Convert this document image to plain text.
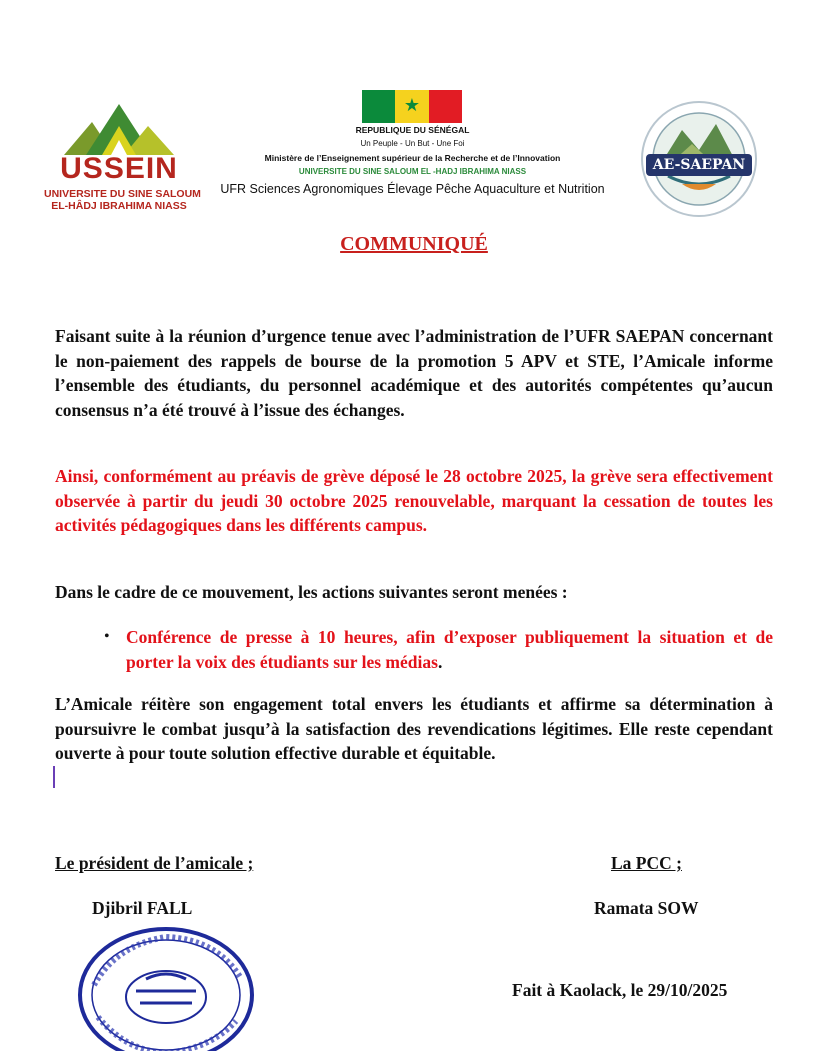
USSEIN
UNIVERSITE DU SINE SALOUM
EL-HÂDJ IBRAHIMA NIASS
★
REPUBLIQUE DU SÉNÉGAL
Un Peuple - Un But - Une Foi
Ministère de l’Enseignement supérieur de la Recherche et de l’Innovation
UNIVERSITE DU SINE SALOUM EL -HADJ IBRAHIMA NIASS
UFR Sciences Agronomiques Élevage Pêche Aquaculture et Nutrition
AE-SAEPAN
COMMUNIQUÉ

Faisant suite à la réunion d’urgence tenue avec l’administration de l’UFR SAEPAN concernant le non-paiement des rappels de bourse de la promotion 5 APV et STE, l’Amicale informe l’ensemble des étudiants, du personnel académique et des autorités compétentes qu’aucun consensus n’a été trouvé à l’issue des échanges.

Ainsi, conformément au préavis de grève déposé le 28 octobre 2025, la grève sera effectivement observée à partir du jeudi 30 octobre 2025 renouvelable, marquant la cessation de toutes les activités pédagogiques dans les différents campus.

Dans le cadre de ce mouvement, les actions suivantes seront menées :

• Conférence de presse à 10 heures, afin d’exposer publiquement la situation et de porter la voix des étudiants sur les médias.

L’Amicale réitère son engagement total envers les étudiants et affirme sa détermination à poursuivre le combat jusqu’à la satisfaction des revendications légitimes. Elle reste cependant ouverte à pour toute solution effective durable et équitable.

Le président de l’amicale ;	La PCC ;
Djibril FALL	Ramata SOW
Fait à Kaolack, le 29/10/2025
